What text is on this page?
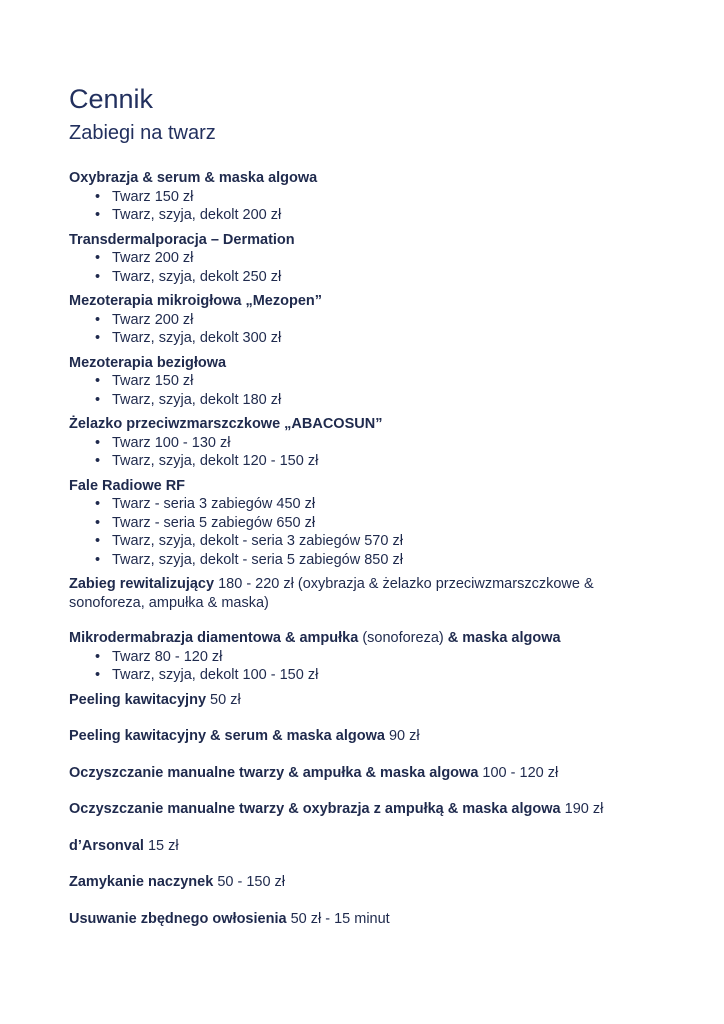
Cennik
Zabiegi na twarz
Oxybrazja & serum & maska algowa
• Twarz 150 zł
• Twarz, szyja, dekolt 200 zł
Transdermalporacja – Dermation
• Twarz 200 zł
• Twarz, szyja, dekolt 250 zł
Mezoterapia mikroigłowa „Mezopen”
• Twarz 200 zł
• Twarz, szyja, dekolt 300 zł
Mezoterapia bezigłowa
• Twarz 150 zł
• Twarz, szyja, dekolt 180 zł
Żelazko przeciwzmarszczkowe „ABACOSUN”
• Twarz 100 - 130 zł
• Twarz, szyja, dekolt 120 - 150 zł
Fale Radiowe RF
• Twarz - seria 3 zabiegów 450 zł
• Twarz - seria 5 zabiegów 650 zł
• Twarz, szyja, dekolt - seria 3 zabiegów 570 zł
• Twarz, szyja, dekolt - seria 5 zabiegów 850 zł
Zabieg rewitalizujący 180 - 220 zł (oxybrazja & żelazko przeciwzmarszczkowe & sonoforeza, ampułka & maska)
Mikrodermabrazja diamentowa & ampułka (sonoforeza) & maska algowa
• Twarz 80 - 120 zł
• Twarz, szyja, dekolt 100 - 150 zł
Peeling kawitacyjny 50 zł
Peeling kawitacyjny & serum & maska algowa 90 zł
Oczyszczanie manualne twarzy & ampułka & maska algowa 100 - 120 zł
Oczyszczanie manualne twarzy & oxybrazja z ampułką & maska algowa 190 zł
d’Arsonval 15 zł
Zamykanie naczynek 50 - 150 zł
Usuwanie zbędnego owłosienia 50 zł - 15 minut
